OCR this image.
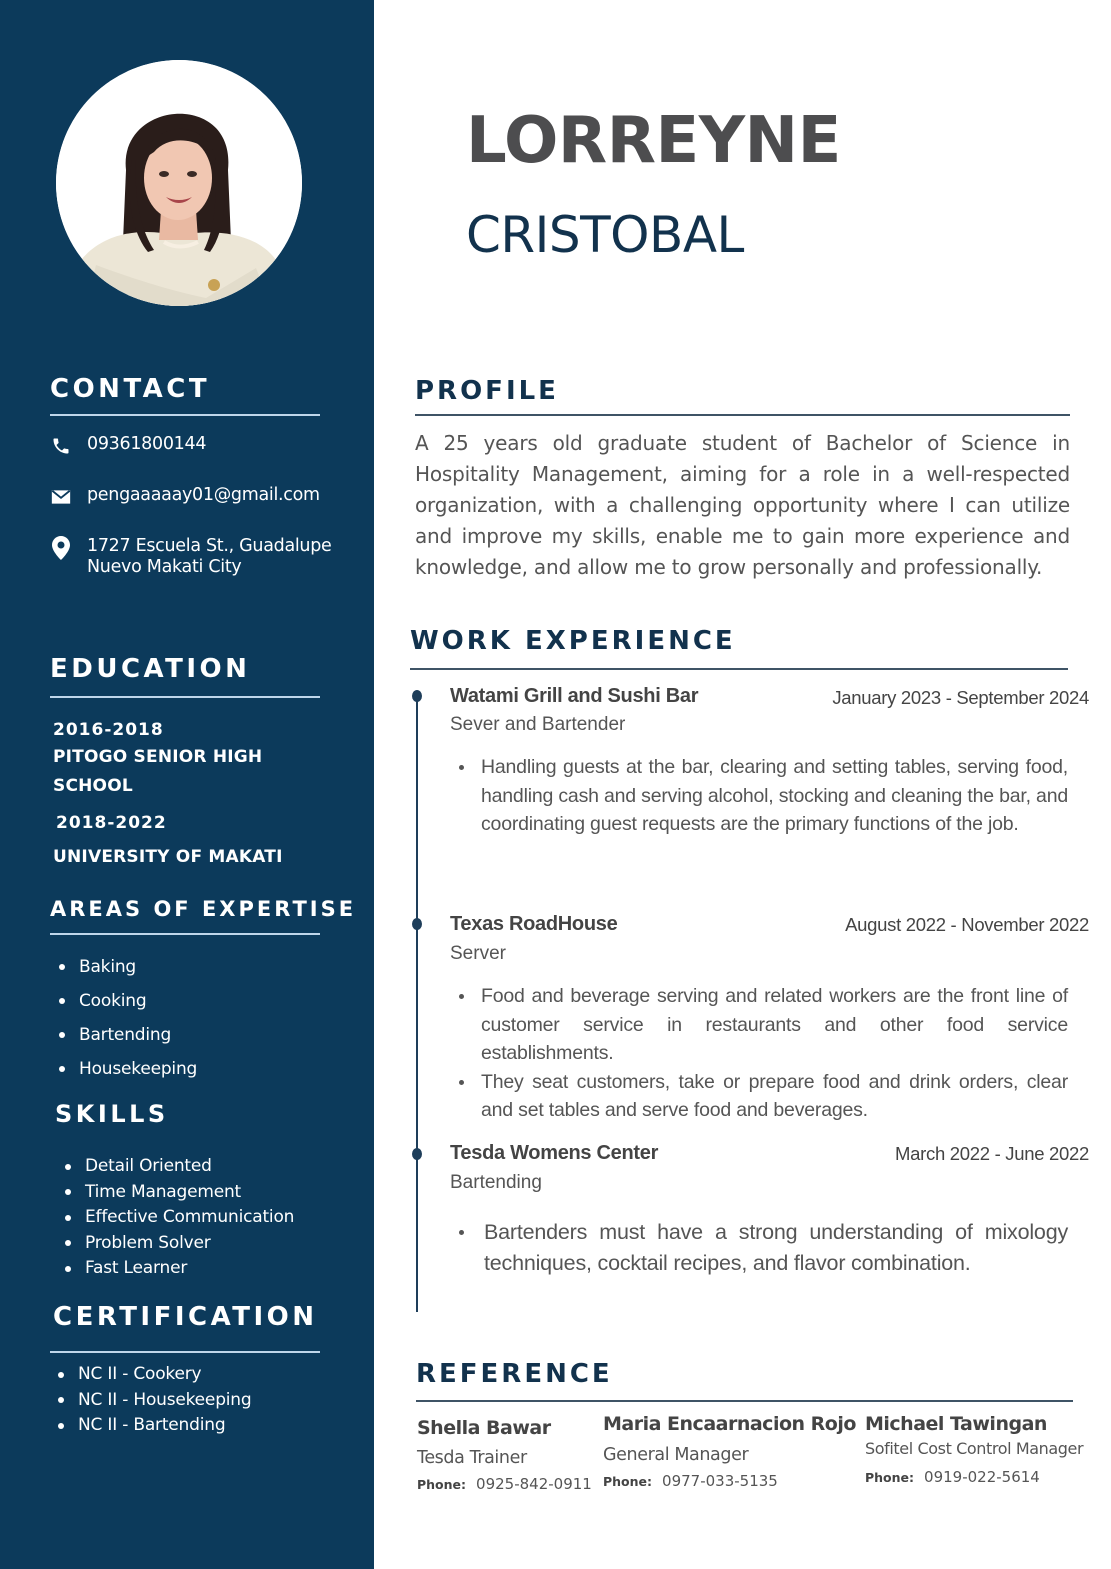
CONTACT
09361800144
pengaaaaay01@gmail.com
1727 Escuela St., Guadalupe
Nuevo Makati City
EDUCATION
2016-2018
PITOGO SENIOR HIGH
SCHOOL
2018-2022
UNIVERSITY OF MAKATI
AREAS OF EXPERTISE
Baking
Cooking
Bartending
Housekeeping
SKILLS
Detail Oriented
Time Management
Effective Communication
Problem Solver
Fast Learner
CERTIFICATION
NC II - Cookery
NC II - Housekeeping
NC II - Bartending
LORREYNE
CRISTOBAL
PROFILE
A 25 years old graduate student of Bachelor of Science in Hospitality Management, aiming for a role in a well-respected organization, with a challenging opportunity where I can utilize and improve my skills, enable me to gain more experience and knowledge, and allow me to grow personally and professionally.
WORK EXPERIENCE
Watami Grill and Sushi Bar	January 2023 - September 2024
Sever and Bartender
Handling guests at the bar, clearing and setting tables, serving food, handling cash and serving alcohol, stocking and cleaning the bar, and coordinating guest requests are the primary functions of the job.
Texas RoadHouse	August 2022 - November 2022
Server
Food and beverage serving and related workers are the front line of customer service in restaurants and other food service establishments.
They seat customers, take or prepare food and drink orders, clear and set tables and serve food and beverages.
Tesda Womens Center	March 2022 - June 2022
Bartending
Bartenders must have a strong understanding of mixology techniques, cocktail recipes, and flavor combination.
REFERENCE
Shella Bawar
Tesda Trainer
Phone: 0925-842-0911
Maria Encaarnacion Rojo
General Manager
Phone: 0977-033-5135
Michael Tawingan
Sofitel Cost Control Manager
Phone: 0919-022-5614
